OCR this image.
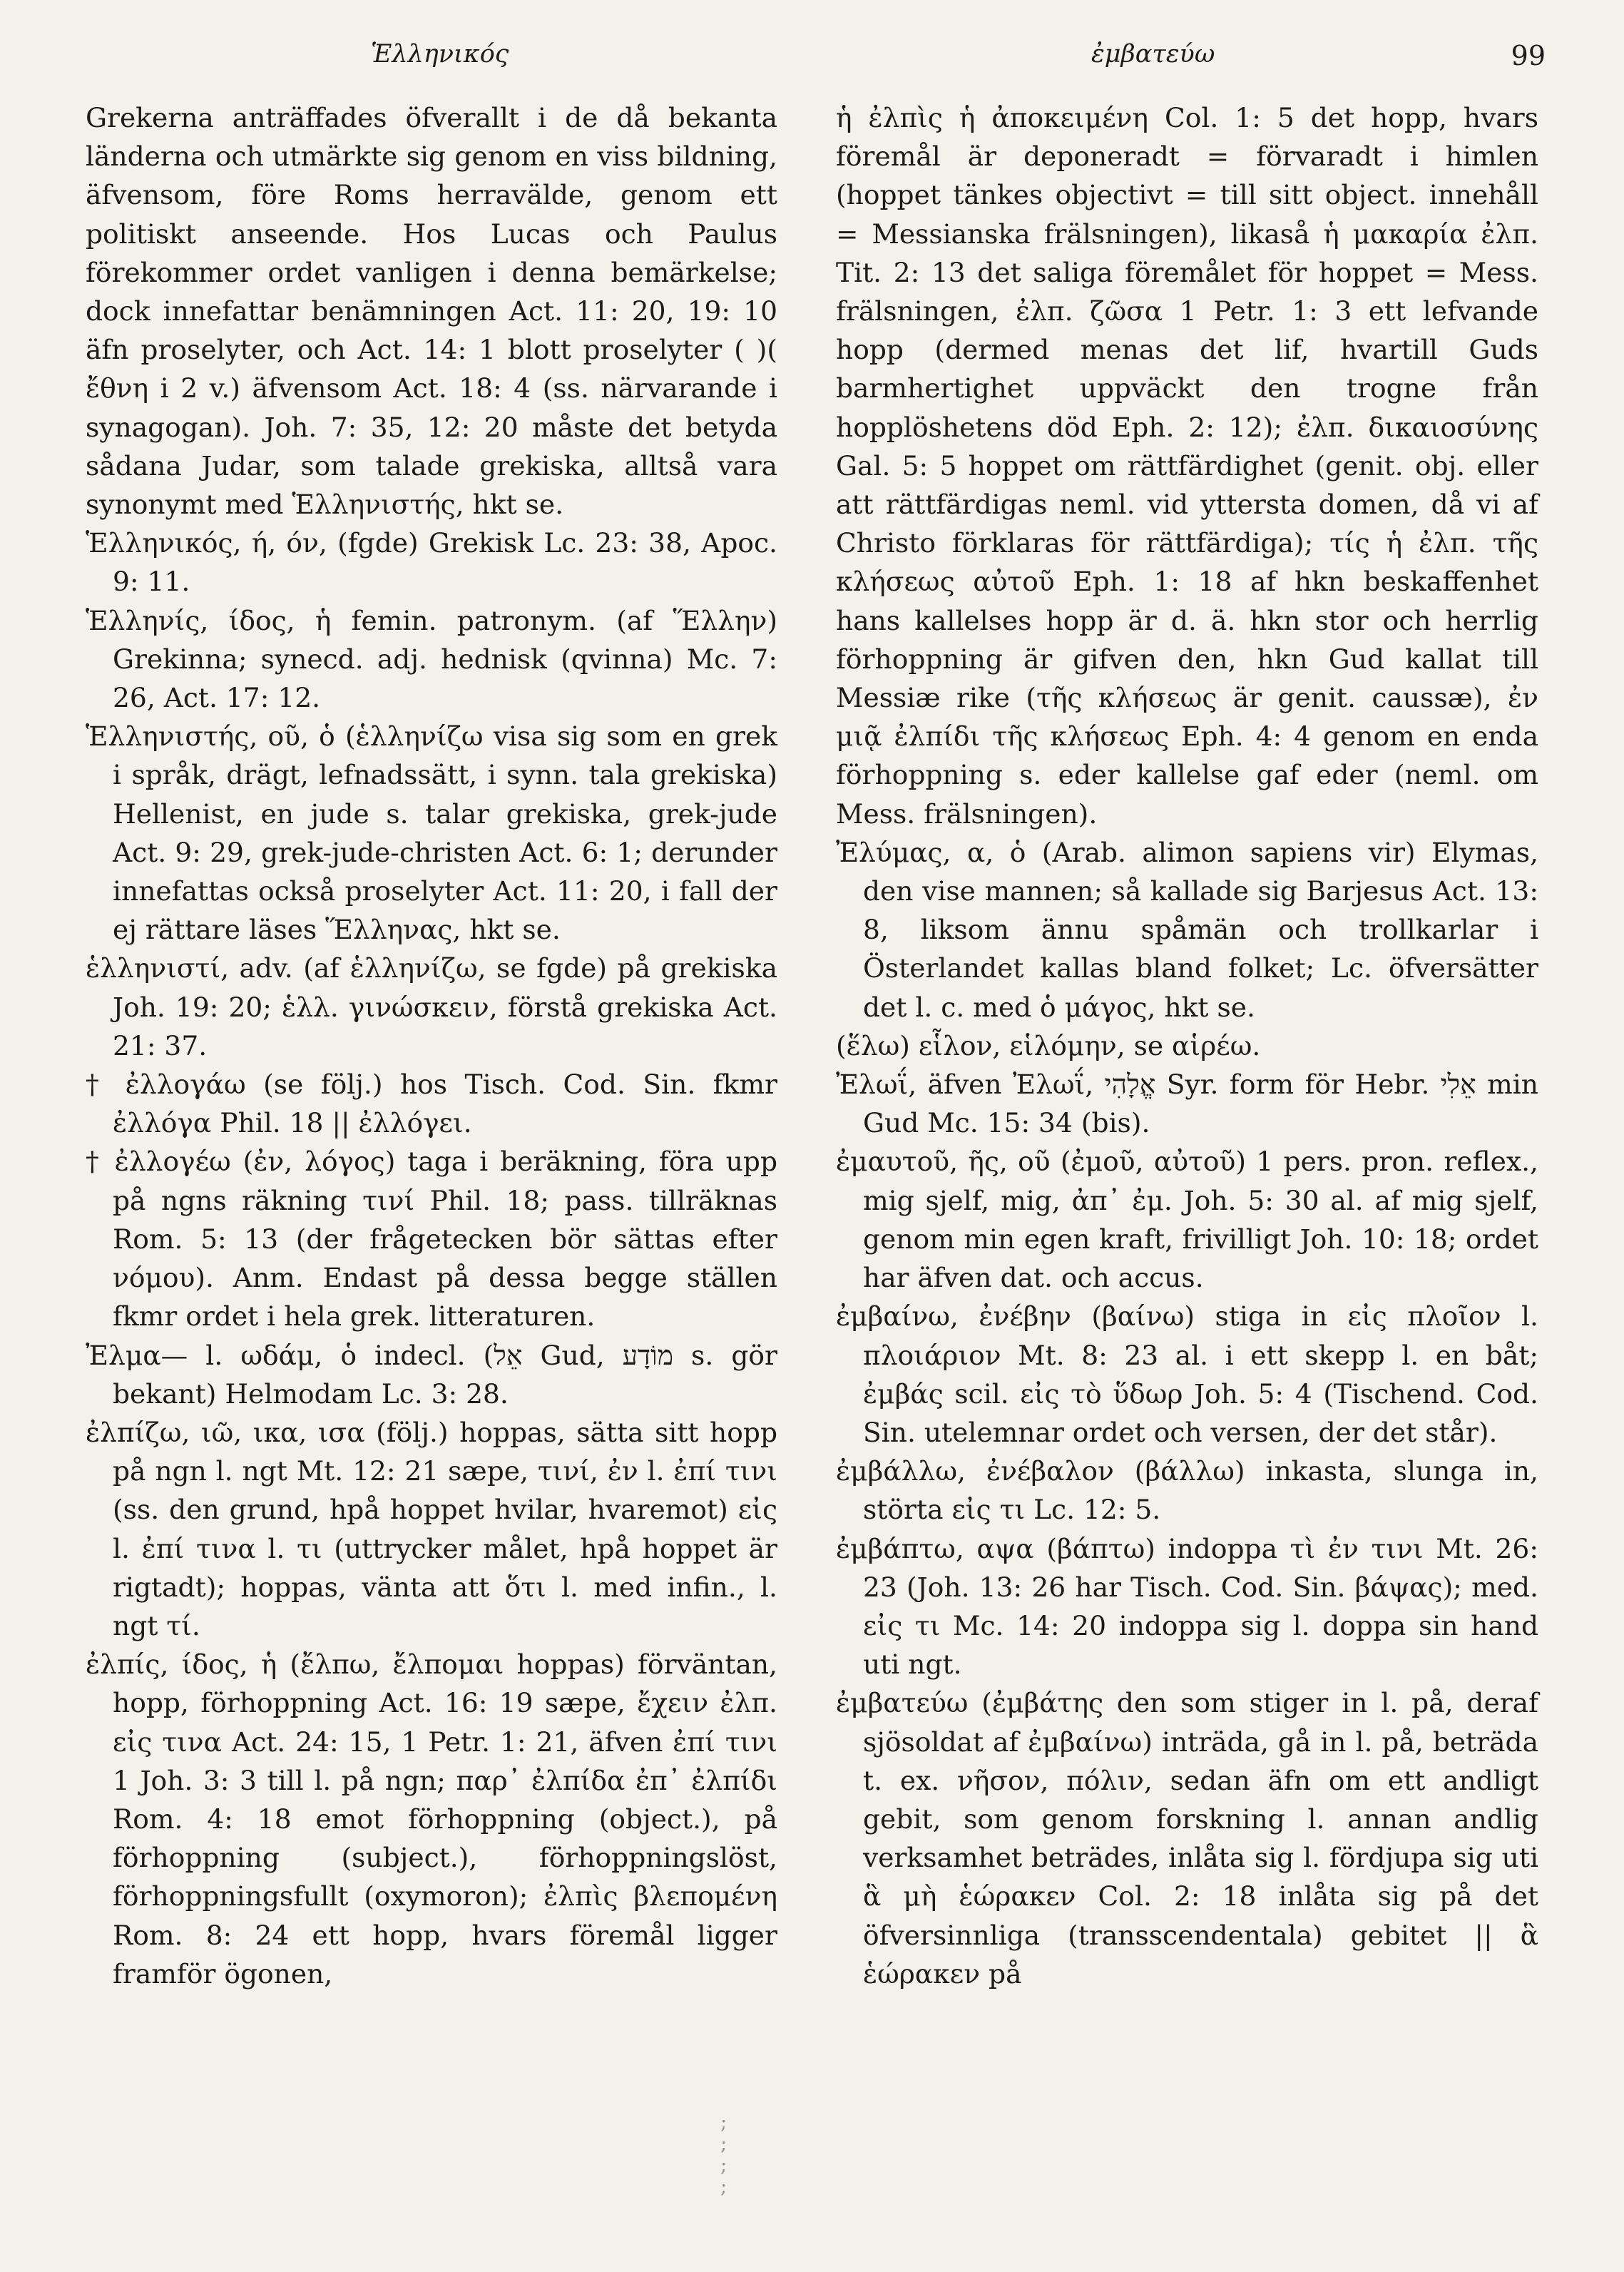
Ἑλληνικός	ἐμβατεύω	99

Grekerna anträffades öfverallt i de då bekanta länderna och utmärkte sig genom en viss bildning, äfvensom, före Roms herravälde, genom ett politiskt anseende. Hos Lucas och Paulus förekommer ordet vanligen i denna bemärkelse; dock innefattar benämningen Act. 11: 20, 19: 10 äfn proselyter, och Act. 14: 1 blott proselyter ( )( ἔθνη i 2 v.) äfvensom Act. 18: 4 (ss. närvarande i synagogan). Joh. 7: 35, 12: 20 måste det betyda sådana Judar, som talade grekiska, alltså vara synonymt med Ἑλληνιστής, hkt se.

Ἑλληνικός, ή, όν, (fgde) Grekisk Lc. 23: 38, Apoc. 9: 11.

Ἑλληνίς, ίδος, ἡ femin. patronym. (af Ἕλλην) Grekinna; synecd. adj. hednisk (qvinna) Mc. 7: 26, Act. 17: 12.

Ἑλληνιστής, οῦ, ὁ (ἑλληνίζω visa sig som en grek i språk, drägt, lefnadssätt, i synn. tala grekiska) Hellenist, en jude s. talar grekiska, grek-jude Act. 9: 29, grek-jude-christen Act. 6: 1; derunder innefattas också proselyter Act. 11: 20, i fall der ej rättare läses Ἕλληνας, hkt se.

ἑλληνιστί, adv. (af ἑλληνίζω, se fgde) på grekiska Joh. 19: 20; ἑλλ. γινώσκειν, förstå grekiska Act. 21: 37.

† ἐλλογάω (se följ.) hos Tisch. Cod. Sin. fkmr ἐλλόγα Phil. 18 || ἐλλόγει.

† ἐλλογέω (ἐν, λόγος) taga i beräkning, föra upp på ngns räkning τινί Phil. 18; pass. tillräknas Rom. 5: 13 (der frågetecken bör sättas efter νόμου). Anm. Endast på dessa begge ställen fkmr ordet i hela grek. litteraturen.

Ἐλμα— l. ωδάμ, ὁ indecl. (אֵל Gud, מוֹדָע s. gör bekant) Helmodam Lc. 3: 28.

ἐλπίζω, ιῶ, ικα, ισα (följ.) hoppas, sätta sitt hopp på ngn l. ngt Mt. 12: 21 sæpe, τινί, ἐν l. ἐπί τινι (ss. den grund, hpå hoppet hvilar, hvaremot) εἰς l. ἐπί τινα l. τι (uttrycker målet, hpå hoppet är rigtadt); hoppas, vänta att ὅτι l. med infin., l. ngt τί.

ἐλπίς, ίδος, ἡ (ἔλπω, ἔλπομαι hoppas) förväntan, hopp, förhoppning Act. 16: 19 sæpe, ἔχειν ἐλπ. εἰς τινα Act. 24: 15, 1 Petr. 1: 21, äfven ἐπί τινι 1 Joh. 3: 3 till l. på ngn; παρ᾽ ἐλπίδα ἐπ᾽ ἐλπίδι Rom. 4: 18 emot förhoppning (object.), på förhoppning (subject.), förhoppningslöst, förhoppningsfullt (oxymoron); ἐλπὶς βλεπομένη Rom. 8: 24 ett hopp, hvars föremål ligger framför ögonen,

ἡ ἐλπὶς ἡ ἀποκειμένη Col. 1: 5 det hopp, hvars föremål är deponeradt = förvaradt i himlen (hoppet tänkes objectivt = till sitt object. innehåll = Messianska frälsningen), likaså ἡ μακαρία ἐλπ. Tit. 2: 13 det saliga föremålet för hoppet = Mess. frälsningen, ἐλπ. ζῶσα 1 Petr. 1: 3 ett lefvande hopp (dermed menas det lif, hvartill Guds barmhertighet uppväckt den trogne från hopplöshetens död Eph. 2: 12); ἐλπ. δικαιοσύνης Gal. 5: 5 hoppet om rättfärdighet (genit. obj. eller att rättfärdigas neml. vid yttersta domen, då vi af Christo förklaras för rättfärdiga); τίς ἡ ἐλπ. τῆς κλήσεως αὐτοῦ Eph. 1: 18 af hkn beskaffenhet hans kallelses hopp är d. ä. hkn stor och herrlig förhoppning är gifven den, hkn Gud kallat till Messiæ rike (τῆς κλήσεως är genit. caussæ), ἐν μιᾷ ἐλπίδι τῆς κλήσεως Eph. 4: 4 genom en enda förhoppning s. eder kallelse gaf eder (neml. om Mess. frälsningen).

Ἐλύμας, α, ὁ (Arab. alimon sapiens vir) Elymas, den vise mannen; så kallade sig Barjesus Act. 13: 8, liksom ännu spåmän och trollkarlar i Österlandet kallas bland folket; Lc. öfversätter det l. c. med ὁ μάγος, hkt se.

(ἕλω) εἷλον, εἱλόμην, se αἱρέω.

Ἐλωΐ, äfven Ἐλωΐ, אֱלָהִי Syr. form för Hebr. אֵלִי min Gud Mc. 15: 34 (bis).

ἐμαυτοῦ, ῆς, οῦ (ἐμοῦ, αὐτοῦ) 1 pers. pron. reflex., mig sjelf, mig, ἀπ᾽ ἐμ. Joh. 5: 30 al. af mig sjelf, genom min egen kraft, frivilligt Joh. 10: 18; ordet har äfven dat. och accus.

ἐμβαίνω, ἐνέβην (βαίνω) stiga in εἰς πλοῖον l. πλοιάριον Mt. 8: 23 al. i ett skepp l. en båt; ἐμβάς scil. εἰς τὸ ὕδωρ Joh. 5: 4 (Tischend. Cod. Sin. utelemnar ordet och versen, der det står).

ἐμβάλλω, ἐνέβαλον (βάλλω) inkasta, slunga in, störta εἰς τι Lc. 12: 5.

ἐμβάπτω, αψα (βάπτω) indoppa τὶ ἐν τινι Mt. 26: 23 (Joh. 13: 26 har Tisch. Cod. Sin. βάψας); med. εἰς τι Mc. 14: 20 indoppa sig l. doppa sin hand uti ngt.

ἐμβατεύω (ἐμβάτης den som stiger in l. på, deraf sjösoldat af ἐμβαίνω) inträda, gå in l. på, beträda t. ex. νῆσον, πόλιν, sedan äfn om ett andligt gebit, som genom forskning l. annan andlig verksamhet beträdes, inlåta sig l. fördjupa sig uti ἃ μὴ ἑώρακεν Col. 2: 18 inlåta sig på det öfversinnliga (transscendentala) gebitet || ἃ ἑώρακεν på

;
;
;
;
